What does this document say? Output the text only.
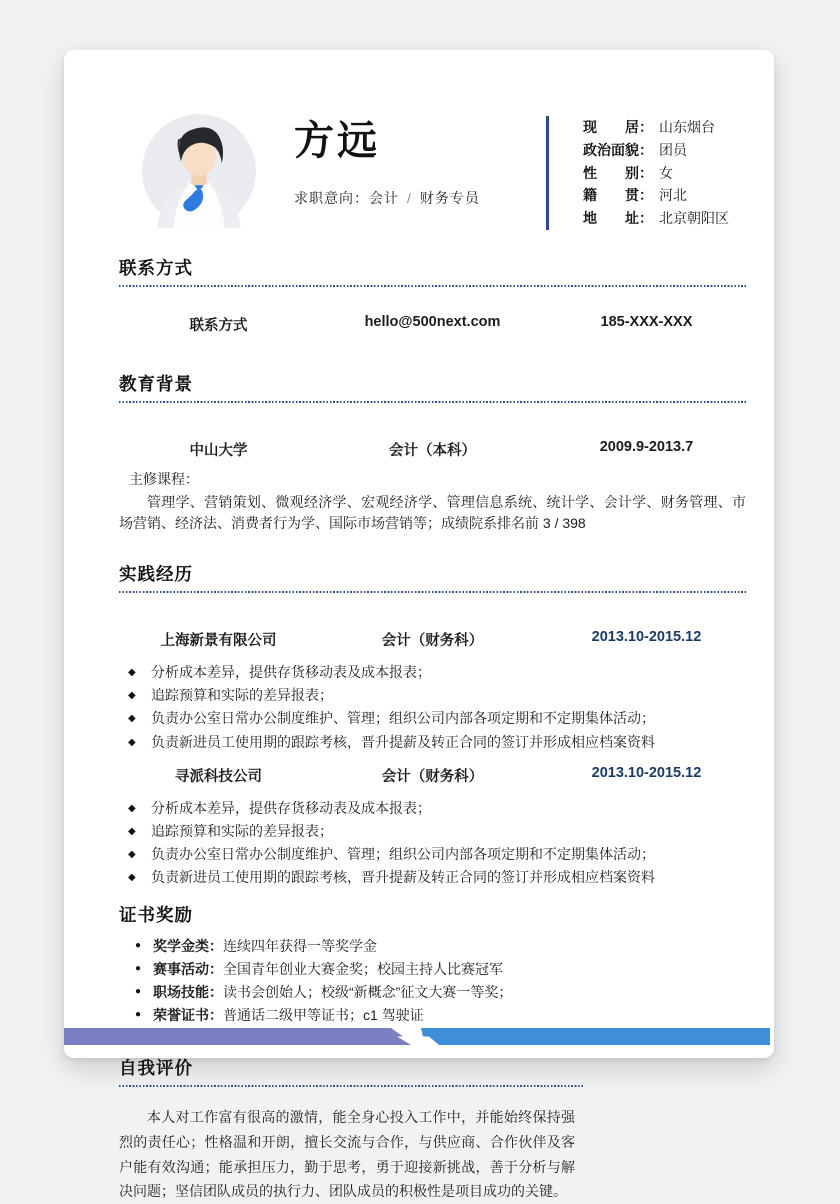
方远
求职意向：会计 / 财务专员
现　　居： 山东烟台
政治面貌： 团员
性　　别： 女
籍　　贯： 河北
地　　址： 北京朝阳区
联系方式
联系方式	hello@500next.com	185-XXX-XXX
教育背景
中山大学	会计（本科）	2009.9-2013.7
主修课程：
管理学、营销策划、微观经济学、宏观经济学、管理信息系统、统计学、会计学、财务管理、市场营销、经济法、消费者行为学、国际市场营销等；成绩院系排名前 3 / 398
实践经历
上海新景有限公司	会计（财务科）	2013.10-2015.12
◆ 分析成本差异，提供存货移动表及成本报表；
◆ 追踪预算和实际的差异报表；
◆ 负责办公室日常办公制度维护、管理；组织公司内部各项定期和不定期集体活动；
◆ 负责新进员工使用期的跟踪考核，晋升提薪及转正合同的签订并形成相应档案资料
寻派科技公司	会计（财务科）	2013.10-2015.12
◆ 分析成本差异，提供存货移动表及成本报表；
◆ 追踪预算和实际的差异报表；
◆ 负责办公室日常办公制度维护、管理；组织公司内部各项定期和不定期集体活动；
◆ 负责新进员工使用期的跟踪考核，晋升提薪及转正合同的签订并形成相应档案资料
证书奖励
● 奖学金类：连续四年获得一等奖学金
● 赛事活动：全国青年创业大赛金奖；校园主持人比赛冠军
● 职场技能：读书会创始人；校级“新概念”征文大赛一等奖；
● 荣誉证书：普通话二级甲等证书；c1 驾驶证
自我评价
本人对工作富有很高的激情，能全身心投入工作中，并能始终保持强烈的责任心；性格温和开朗，擅长交流与合作，与供应商、合作伙伴及客户能有效沟通；能承担压力，勤于思考，勇于迎接新挑战，善于分析与解决问题；坚信团队成员的执行力、团队成员的积极性是项目成功的关键。
